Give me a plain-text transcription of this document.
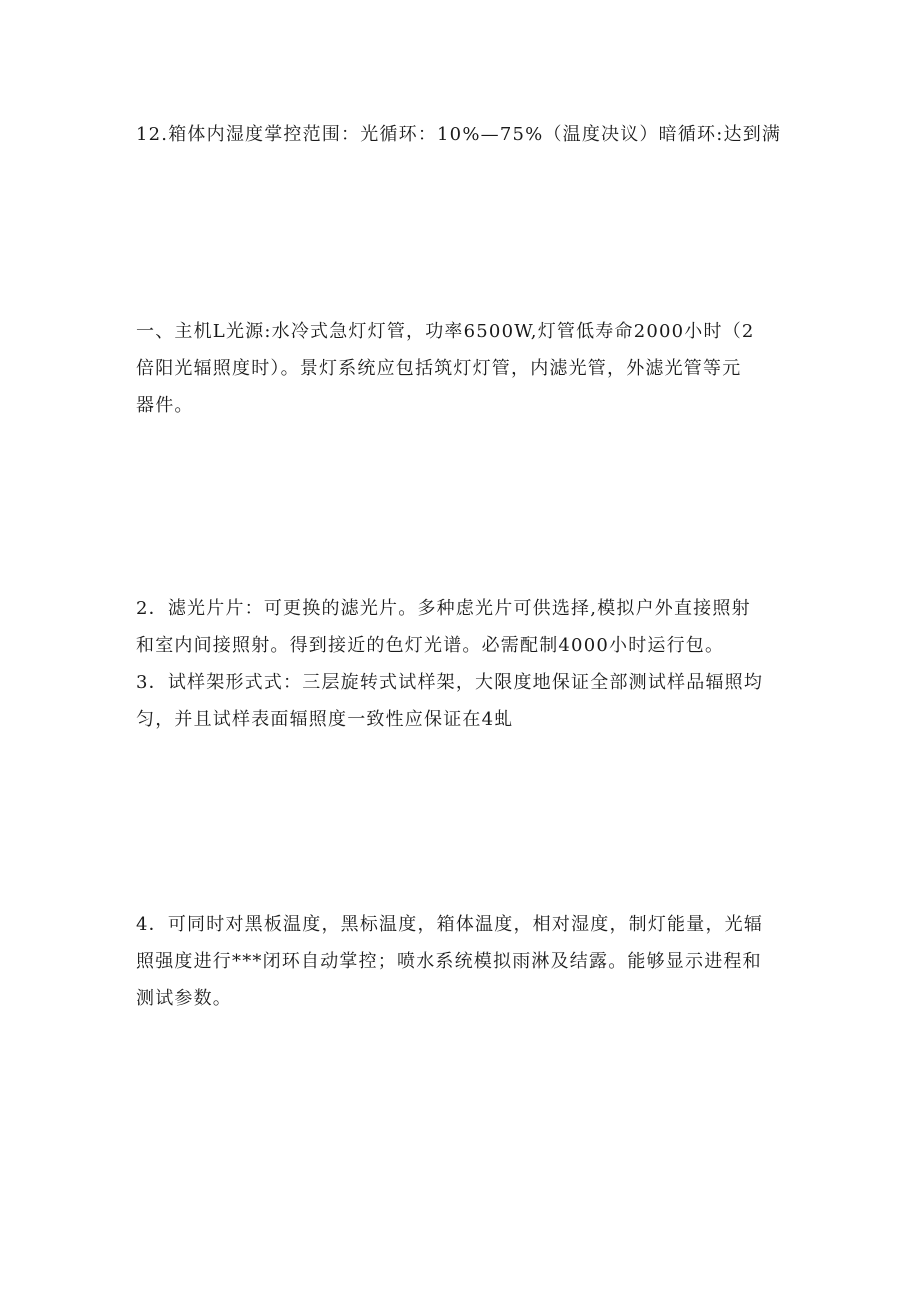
12.箱体内湿度掌控范围：光循环：10%—75%（温度决议）暗循环:达到满

一、主机L光源:水冷式急灯灯管，功率6500W,灯管低寿命2000小时（2
倍阳光辐照度时）。景灯系统应包括筑灯灯管，内滤光管，外滤光管等元
器件。

2．滤光片片：可更换的滤光片。多种虑光片可供选择,模拟户外直接照射
和室内间接照射。得到接近的色灯光谱。必需配制4000小时运行包。
3．试样架形式式：三层旋转式试样架，大限度地保证全部测试样品辐照均
匀，并且试样表面辐照度一致性应保证在4虬

4．可同时对黑板温度，黑标温度，箱体温度，相对湿度，制灯能量，光辐
照强度进行***闭环自动掌控；喷水系统模拟雨淋及结露。能够显示进程和
测试参数。
